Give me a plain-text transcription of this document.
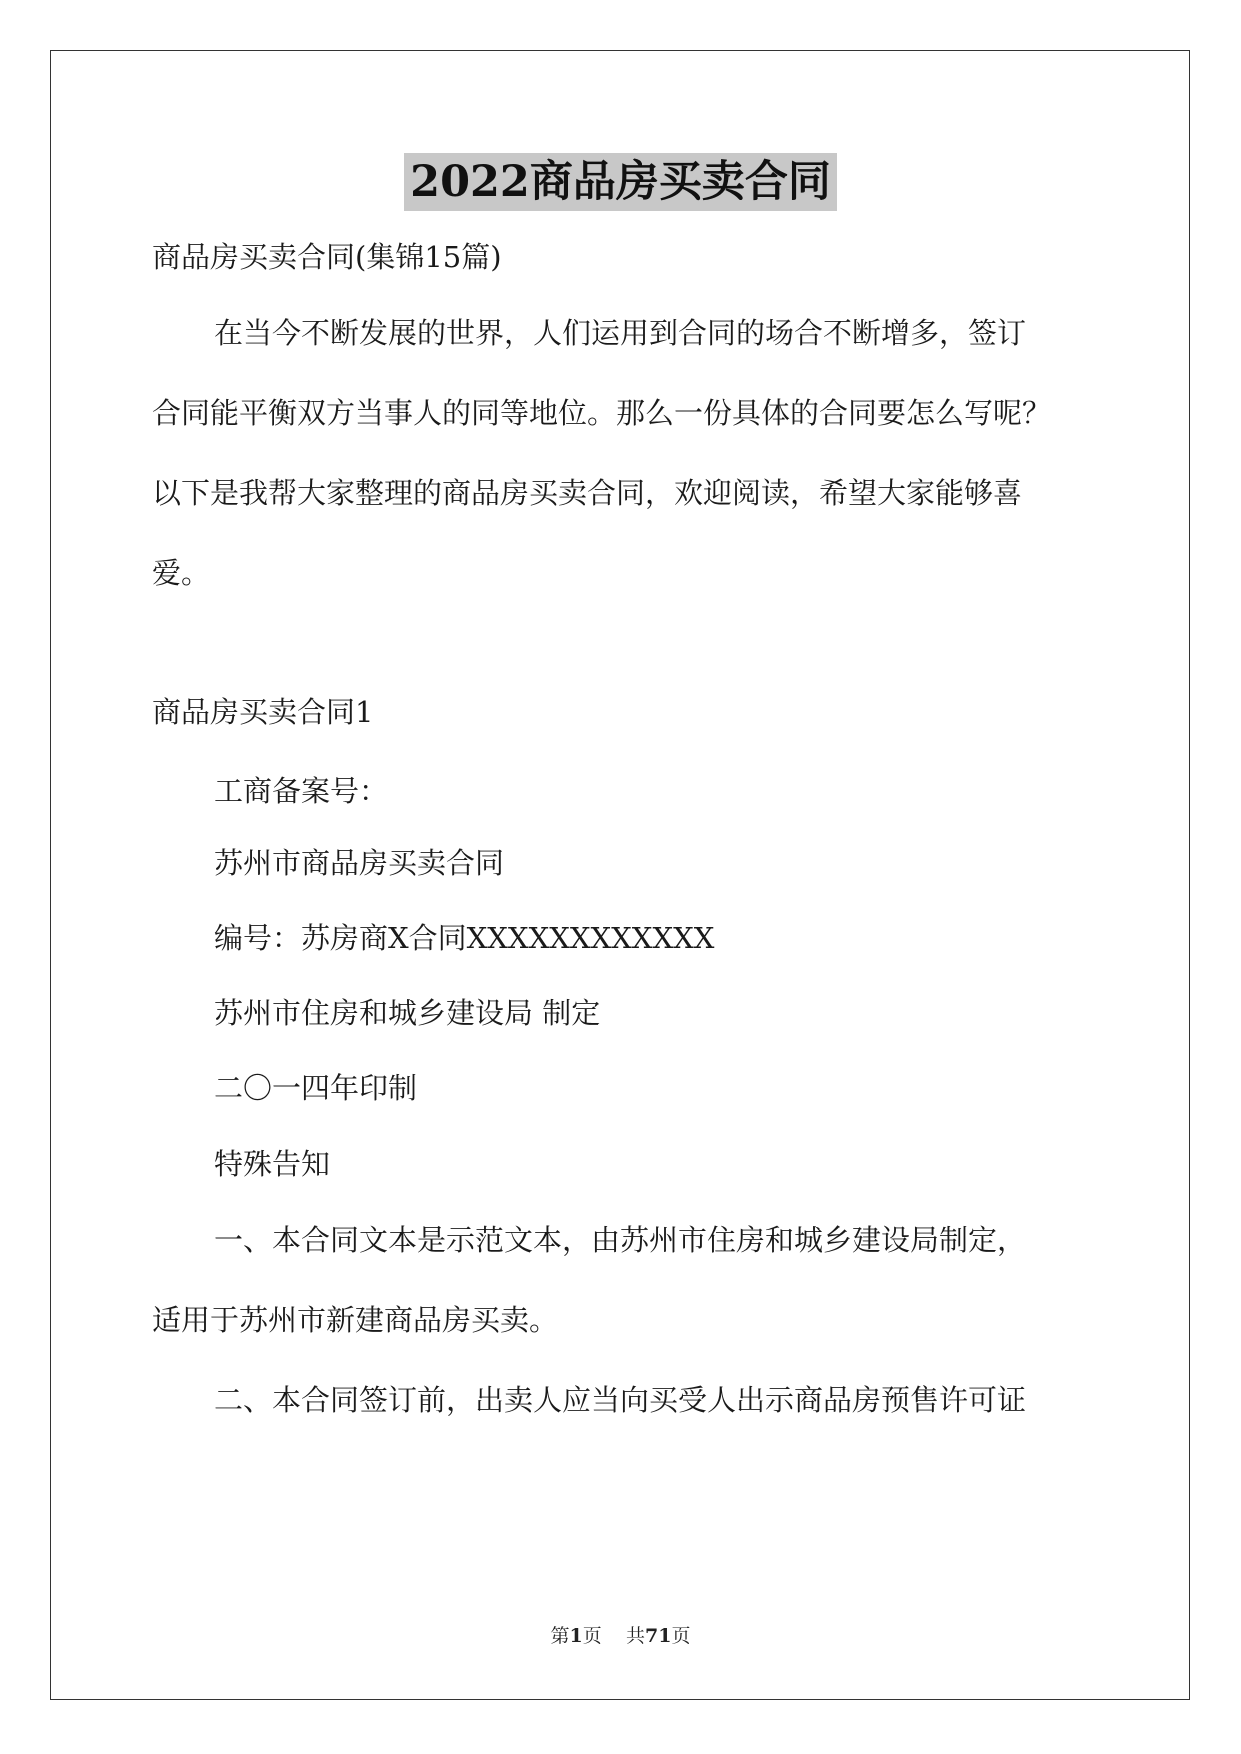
2022商品房买卖合同
商品房买卖合同(集锦15篇)
在当今不断发展的世界，人们运用到合同的场合不断增多，签订
合同能平衡双方当事人的同等地位。那么一份具体的合同要怎么写呢？
以下是我帮大家整理的商品房买卖合同，欢迎阅读，希望大家能够喜
爱。
商品房买卖合同1
工商备案号：
苏州市商品房买卖合同
编号：苏房商X合同XXXXXXXXXXXX
苏州市住房和城乡建设局 制定
二〇一四年印制
特殊告知
一、本合同文本是示范文本，由苏州市住房和城乡建设局制定，
适用于苏州市新建商品房买卖。
二、本合同签订前，出卖人应当向买受人出示商品房预售许可证
第1页 共71页
